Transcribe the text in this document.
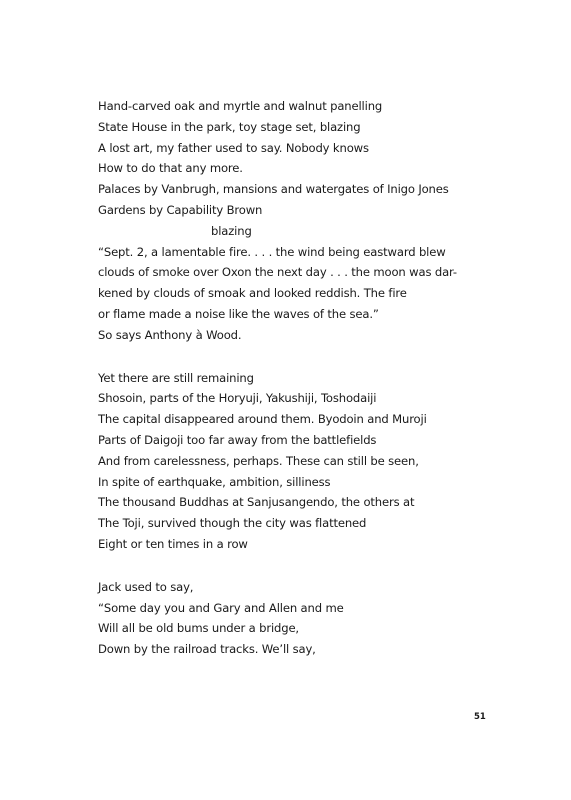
Hand-carved oak and myrtle and walnut panelling
State House in the park, toy stage set, blazing
A lost art, my father used to say. Nobody knows
How to do that any more.
Palaces by Vanbrugh, mansions and watergates of Inigo Jones
Gardens by Capability Brown
blazing
“Sept. 2, a lamentable fire. . . . the wind being eastward blew
clouds of smoke over Oxon the next day . . . the moon was dar-
kened by clouds of smoak and looked reddish. The fire
or flame made a noise like the waves of the sea.”
So says Anthony à Wood.
Yet there are still remaining
Shosoin, parts of the Horyuji, Yakushiji, Toshodaiji
The capital disappeared around them. Byodoin and Muroji
Parts of Daigoji too far away from the battlefields
And from carelessness, perhaps. These can still be seen,
In spite of earthquake, ambition, silliness
The thousand Buddhas at Sanjusangendo, the others at
The Toji, survived though the city was flattened
Eight or ten times in a row
Jack used to say,
“Some day you and Gary and Allen and me
Will all be old bums under a bridge,
Down by the railroad tracks. We’ll say,
51
